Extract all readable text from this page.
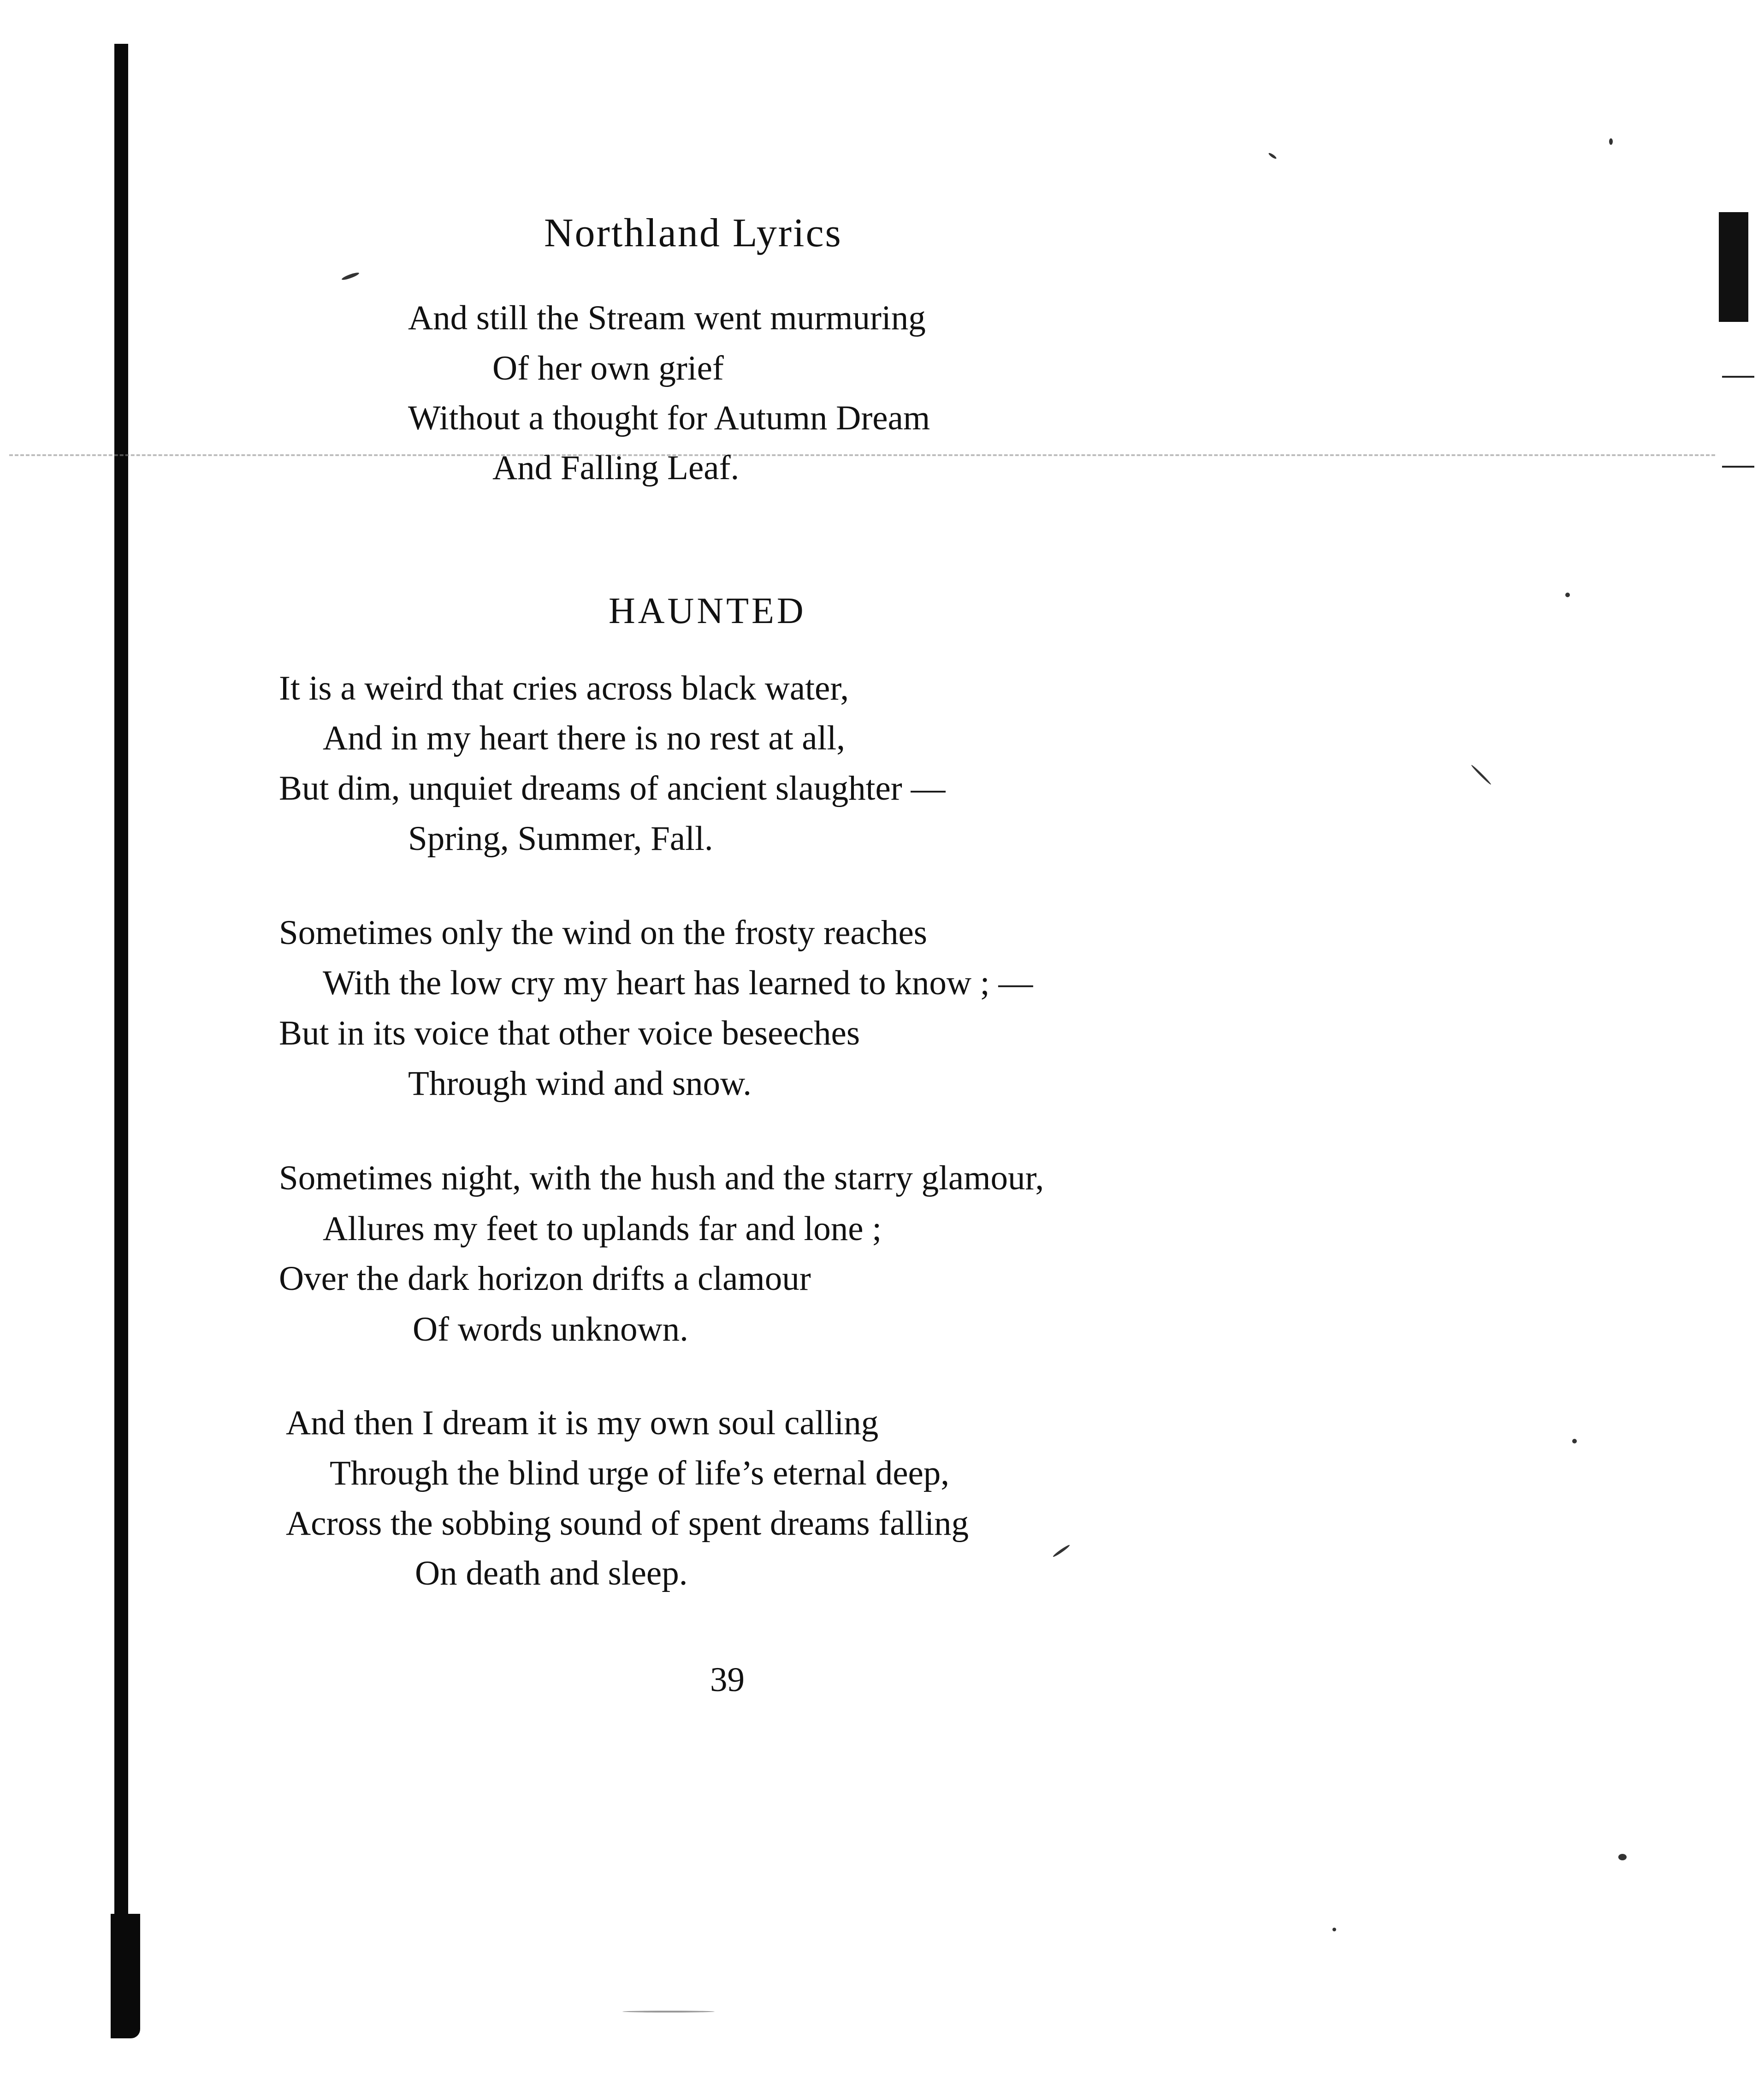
Northland Lyrics
And still the Stream went murmuring
Of her own grief
Without a thought for Autumn Dream
And Falling Leaf.
HAUNTED
It is a weird that cries across black water,
And in my heart there is no rest at all,
But dim, unquiet dreams of ancient slaughter —
Spring, Summer, Fall.
Sometimes only the wind on the frosty reaches
With the low cry my heart has learned to know ; —
But in its voice that other voice beseeches
Through wind and snow.
Sometimes night, with the hush and the starry glamour,
Allures my feet to uplands far and lone ;
Over the dark horizon drifts a clamour
Of words unknown.
And then I dream it is my own soul calling
Through the blind urge of life’s eternal deep,
Across the sobbing sound of spent dreams falling
On death and sleep.
39
